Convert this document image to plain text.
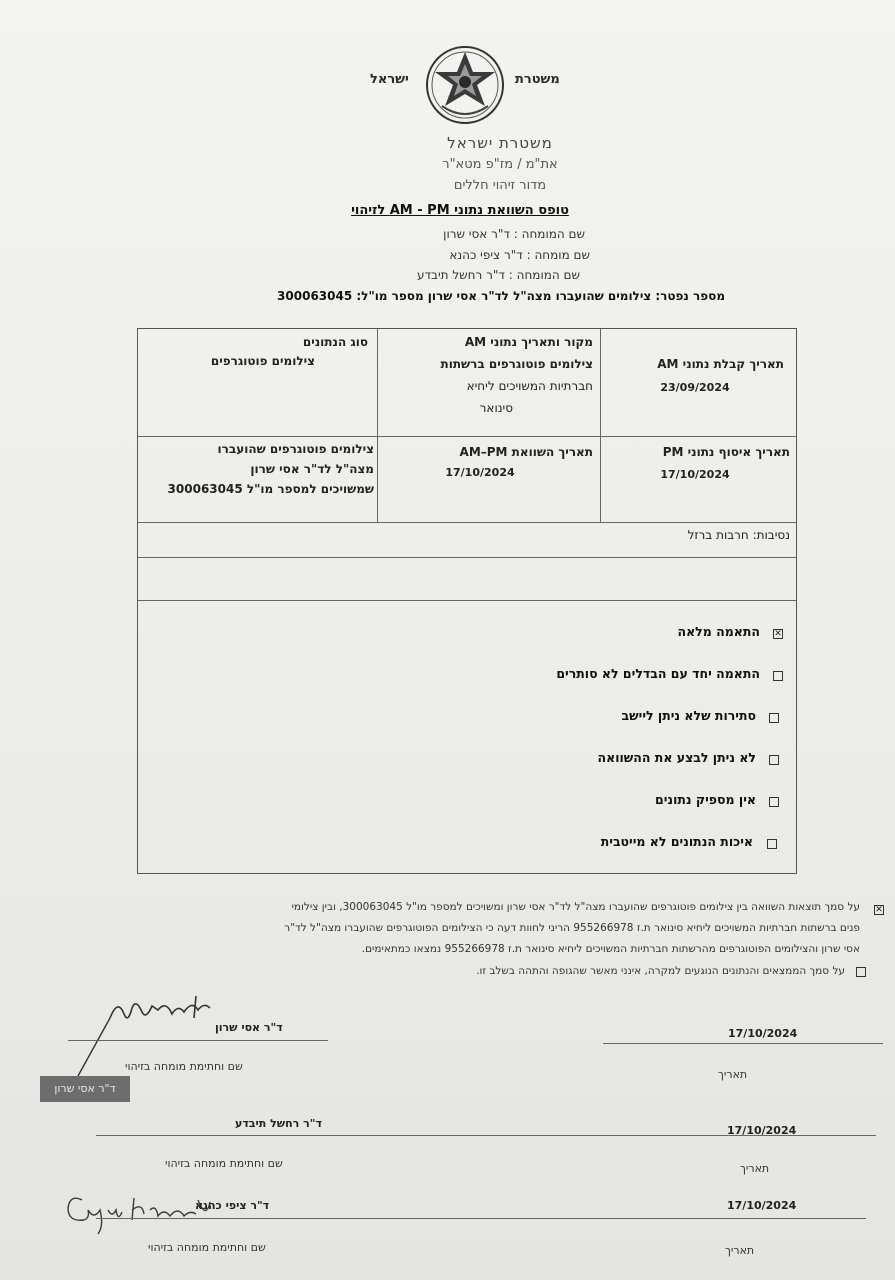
ישראל	משטרת
משטרת ישראל
את"מ / מז"פ מטא"ר
מדור זיהוי חללים
טופס השוואת נתוני AM - PM לזיהוי
שם המומחה : ד"ר אסי שרון
שם מומחה : ד"ר ציפי כהנא
שם המומחה : ד"ר רחשל תיבדע
מספר נפטר: צילומים שהועברו מצה"ל לד"ר אסי שרון מספר מו"ל: 300063045
סוג הנתונים
צילומים פוטוגרפים
מקור ותאריך נתוני AM
צילומים פוטוגרפים ברשתות
חברתיות המשויכים ליחיא
סינואר
תאריך קבלת נתוני AM
23/09/2024
צילומים פוטוגרפים שהועברו
מצה"ל לד"ר אסי שרון
שמשויכים למספר מו"ל 300063045
תאריך השוואת AM–PM
17/10/2024
תאריך איסוף נתוני PM
17/10/2024
נסיבות: חרבות ברזל
✕
התאמה מלאה
התאמה יחד עם הבדלים לא סותרים
סתירות שלא ניתן ליישב
לא ניתן לבצע את ההשוואה
אין מספיק נתונים
איכות הנתונים לא מייטבית
✕
על סמך תוצאות השוואה בין צילומים פוטוגרפים שהועברו מצה"ל לד"ר אסי שרון ומשויכים למספר מו"ל 300063045, ובין צילומי
פנים ברשתות חברתיות המשויכים ליחיא סינואר ת.ז 955266978 הריני לחוות דעה כי הצילומים הפוטוגרפים שהועברו מצה"ל לד"ר
אסי שרון והצילומים הפוטוגרפים מהרשתות חברתיות המשויכים ליחיא סינואר ת.ז 955266978 נמצאו כמתאימים.
על סמך הממצאים והנתונים הנוגעים למקרה, אינני מאשר שהגופה והתהה בשלב זו.
ד"ר אסי שרון
שם וחתימת מומחה בזיהוי
17/10/2024
תאריך
ד"ר אסי שרון
ד"ר רחשל תיבדע
שם וחתימת מומחה בזיהוי
17/10/2024
תאריך
ד"ר ציפי כהנא
שם וחתימת מומחה בזיהוי
17/10/2024
תאריך
